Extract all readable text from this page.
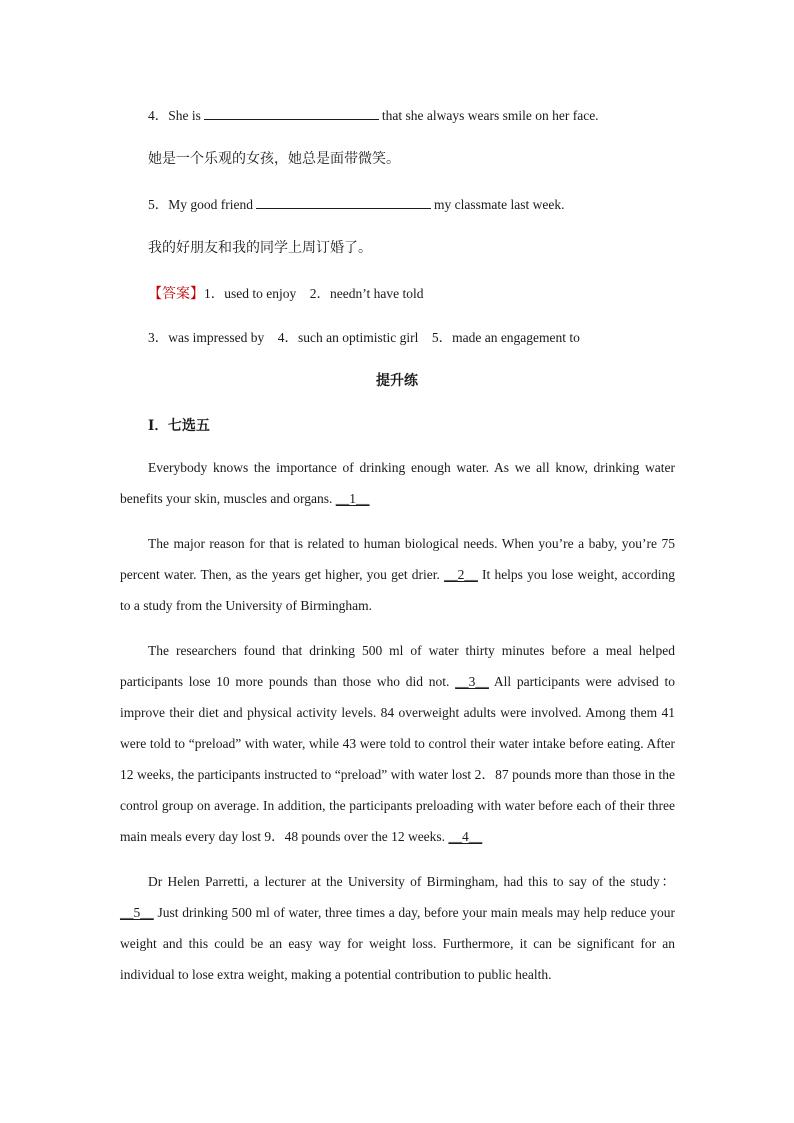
4．She is	that she always wears smile on her face.
她是一个乐观的女孩，她总是面带微笑。
5．My good friend	my classmate last week.
我的好朋友和我的同学上周订婚了。
【答案】1．used to enjoy　2．needn’t have told
3．was impressed by　4．such an optimistic girl　5．made an engagement to
提升练
Ⅰ．七选五

Everybody knows the importance of drinking enough water. As we all know, drinking water benefits your skin, muscles and organs. __1__

The major reason for that is related to human biological needs. When you’re a baby, you’re 75 percent water. Then, as the years get higher, you get drier. __2__ It helps you lose weight, according to a study from the University of Birmingham.

The researchers found that drinking 500 ml of water thirty minutes before a meal helped participants lose 10 more pounds than those who did not. __3__ All participants were advised to improve their diet and physical activity levels. 84 overweight adults were involved. Among them 41 were told to “preload” with water, while 43 were told to control their water intake before eating. After 12 weeks, the participants instructed to “preload” with water lost 2．87 pounds more than those in the control group on average. In addition, the participants preloading with water before each of their three main meals every day lost 9．48 pounds over the 12 weeks. __4__

Dr Helen Parretti, a lecturer at the University of Birmingham, had this to say of the study： __5__ Just drinking 500 ml of water, three times a day, before your main meals may help reduce your weight and this could be an easy way for weight loss. Furthermore, it can be significant for an individual to lose extra weight, making a potential contribution to public health.
